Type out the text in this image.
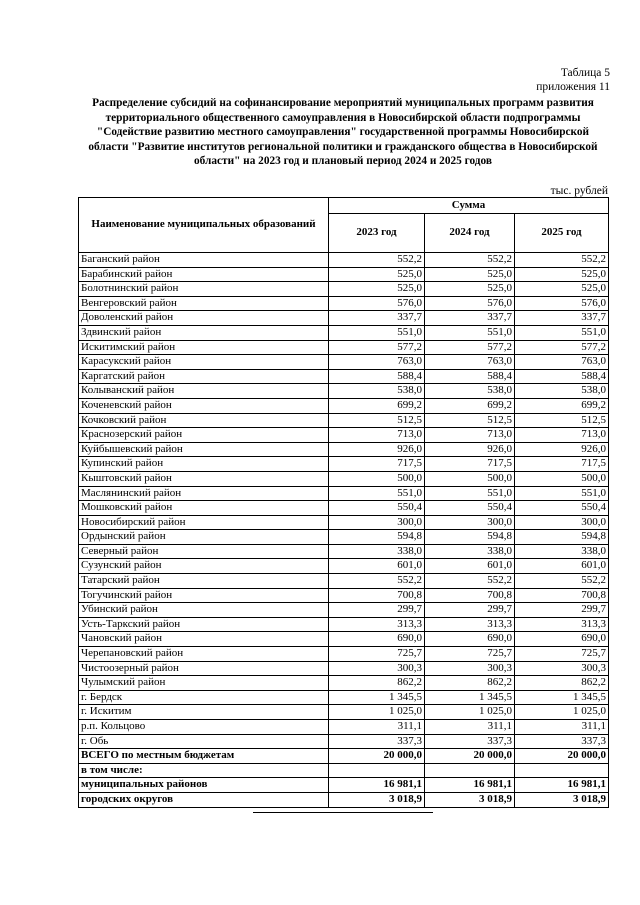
Таблица 5
приложения 11
Распределение субсидий на софинансирование мероприятий муниципальных программ развития территориального общественного самоуправления в Новосибирской области подпрограммы "Содействие развитию местного самоуправления" государственной программы Новосибирской области "Развитие институтов региональной политики и гражданского общества в Новосибирской области" на 2023 год и плановый период 2024 и 2025 годов
тыс. рублей
Наименование муниципальных образований	Сумма		
	2023 год	2024 год	2025 год
Баганский район	552,2	552,2	552,2
Барабинский район	525,0	525,0	525,0
Болотнинский район	525,0	525,0	525,0
Венгеровский район	576,0	576,0	576,0
Доволенский район	337,7	337,7	337,7
Здвинский район	551,0	551,0	551,0
Искитимский район	577,2	577,2	577,2
Карасукский район	763,0	763,0	763,0
Каргатский район	588,4	588,4	588,4
Колыванский район	538,0	538,0	538,0
Коченевский район	699,2	699,2	699,2
Кочковский район	512,5	512,5	512,5
Краснозерский район	713,0	713,0	713,0
Куйбышевский район	926,0	926,0	926,0
Купинский район	717,5	717,5	717,5
Кыштовский район	500,0	500,0	500,0
Маслянинский район	551,0	551,0	551,0
Мошковский район	550,4	550,4	550,4
Новосибирский район	300,0	300,0	300,0
Ордынский район	594,8	594,8	594,8
Северный район	338,0	338,0	338,0
Сузунский район	601,0	601,0	601,0
Татарский район	552,2	552,2	552,2
Тогучинский район	700,8	700,8	700,8
Убинский район	299,7	299,7	299,7
Усть-Таркский район	313,3	313,3	313,3
Чановский район	690,0	690,0	690,0
Черепановский район	725,7	725,7	725,7
Чистоозерный район	300,3	300,3	300,3
Чулымский район	862,2	862,2	862,2
г. Бердск	1 345,5	1 345,5	1 345,5
г. Искитим	1 025,0	1 025,0	1 025,0
р.п. Кольцово	311,1	311,1	311,1
г. Обь	337,3	337,3	337,3
ВСЕГО по местным бюджетам	20 000,0	20 000,0	20 000,0
в том числе:			
муниципальных районов	16 981,1	16 981,1	16 981,1
городских округов	3 018,9	3 018,9	3 018,9
